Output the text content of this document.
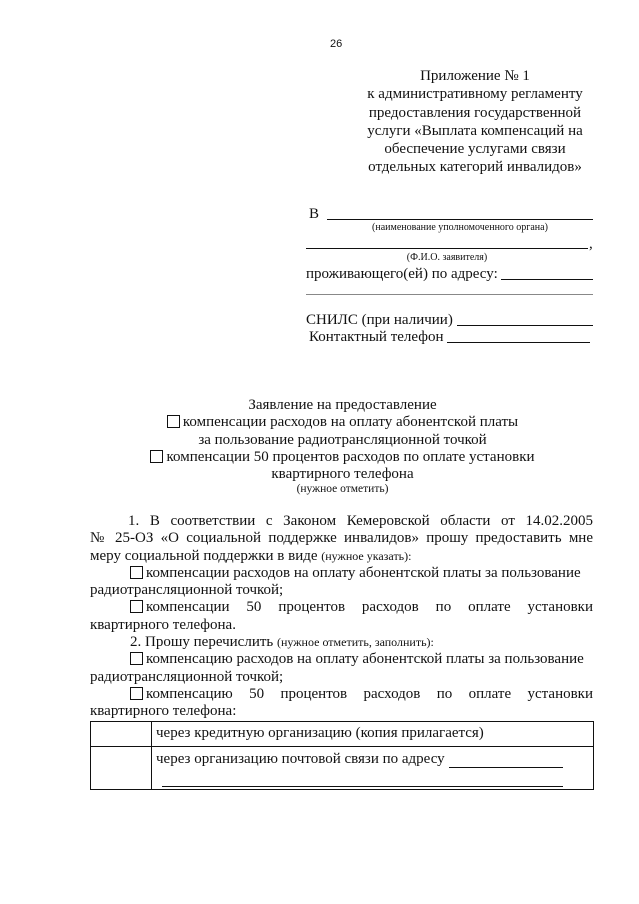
26
Приложение № 1
к административному регламенту
предоставления государственной
услуги «Выплата компенсаций на
обеспечение услугами связи
отдельных категорий инвалидов»
В
(наименование уполномоченного органа)
,
(Ф.И.О. заявителя)
проживающего(ей) по адресу:
СНИЛС (при наличии)
Контактный телефон
Заявление на предоставление
компенсации расходов на оплату абонентской платы
за пользование радиотрансляционной точкой
компенсации 50 процентов расходов по оплате установки
квартирного телефона
(нужное отметить)
1. В соответствии с Законом Кемеровской области от 14.02.2005
№ 25-ОЗ «О социальной поддержке инвалидов» прошу предоставить мне
меру социальной поддержки в виде (нужное указать):
компенсации расходов на оплату абонентской платы за пользование
радиотрансляционной точкой;
компенсации 50 процентов расходов по оплате установки
квартирного телефона.
2. Прошу перечислить (нужное отметить, заполнить):
компенсацию расходов на оплату абонентской платы за пользование
радиотрансляционной точкой;
компенсацию 50 процентов расходов по оплате установки
квартирного телефона:
	через кредитную организацию (копия прилагается)
	через организацию почтовой связи по адресу
